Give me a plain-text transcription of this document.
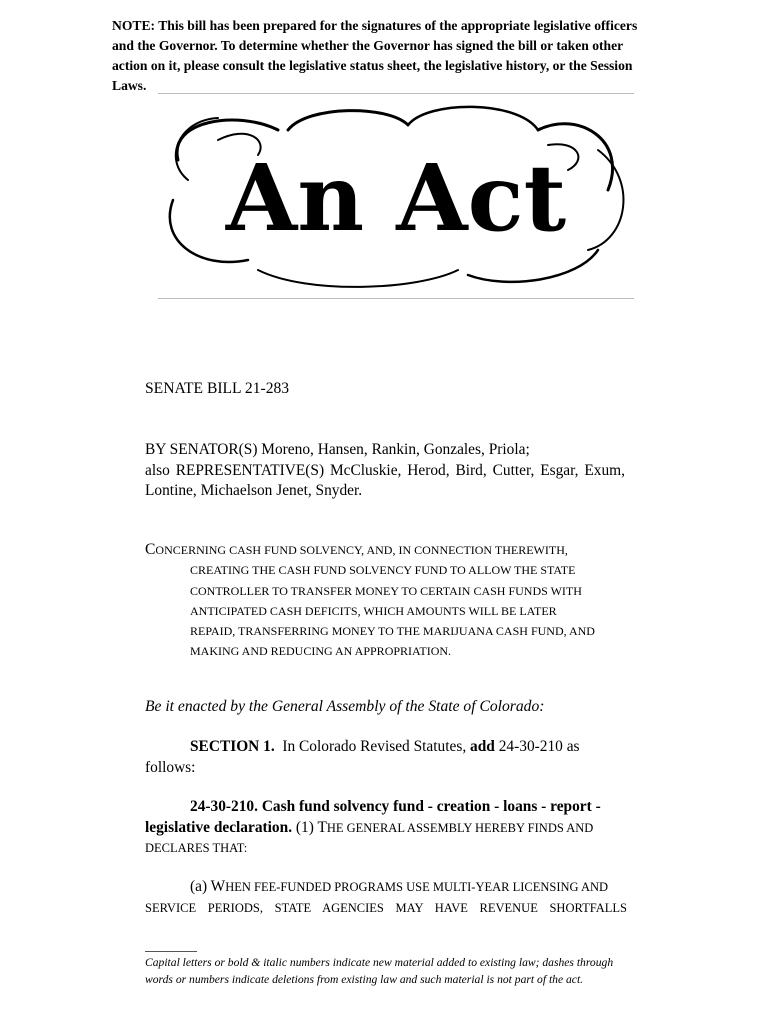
NOTE: This bill has been prepared for the signatures of the appropriate legislative officers and the Governor. To determine whether the Governor has signed the bill or taken other action on it, please consult the legislative status sheet, the legislative history, or the Session Laws.
An Act
SENATE BILL 21-283
BY SENATOR(S) Moreno, Hansen, Rankin, Gonzales, Priola;
also REPRESENTATIVE(S) McCluskie, Herod, Bird, Cutter, Esgar, Exum,
Lontine, Michaelson Jenet, Snyder.
CONCERNING CASH FUND SOLVENCY, AND, IN CONNECTION THEREWITH,
CREATING THE CASH FUND SOLVENCY FUND TO ALLOW THE STATE
CONTROLLER TO TRANSFER MONEY TO CERTAIN CASH FUNDS WITH
ANTICIPATED CASH DEFICITS, WHICH AMOUNTS WILL BE LATER
REPAID, TRANSFERRING MONEY TO THE MARIJUANA CASH FUND, AND
MAKING AND REDUCING AN APPROPRIATION.
Be it enacted by the General Assembly of the State of Colorado:
SECTION 1. In Colorado Revised Statutes, add 24-30-210 as
follows:
24-30-210. Cash fund solvency fund - creation - loans - report -
legislative declaration. (1) THE GENERAL ASSEMBLY HEREBY FINDS AND
DECLARES THAT:
(a) WHEN FEE-FUNDED PROGRAMS USE MULTI-YEAR LICENSING AND
SERVICE PERIODS, STATE AGENCIES MAY HAVE REVENUE SHORTFALLS
Capital letters or bold & italic numbers indicate new material added to existing law; dashes through words or numbers indicate deletions from existing law and such material is not part of the act.
